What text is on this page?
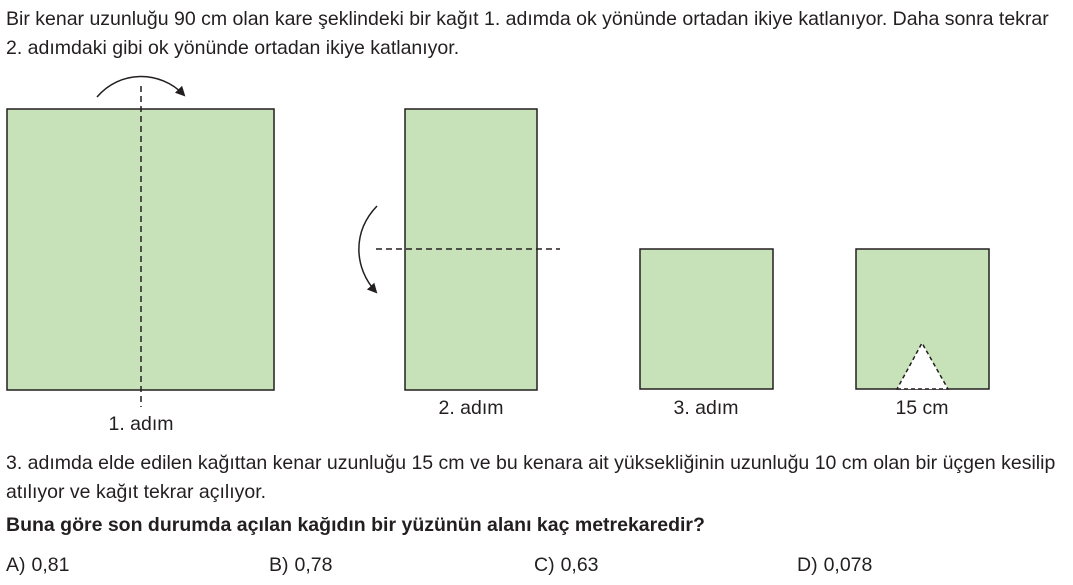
Bir kenar uzunluğu 90 cm olan kare şeklindeki bir kağıt 1. adımda ok yönünde ortadan ikiye katlanıyor. Daha sonra tekrar 2. adımdaki gibi ok yönünde ortadan ikiye katlanıyor.

1. adım
2. adım	3. adım	15 cm

3. adımda elde edilen kağıttan kenar uzunluğu 15 cm ve bu kenara ait yüksekliğinin uzunluğu 10 cm olan bir üçgen kesilip atılıyor ve kağıt tekrar açılıyor.

Buna göre son durumda açılan kağıdın bir yüzünün alanı kaç metrekaredir?

A) 0,81	B) 0,78	C) 0,63	D) 0,078
